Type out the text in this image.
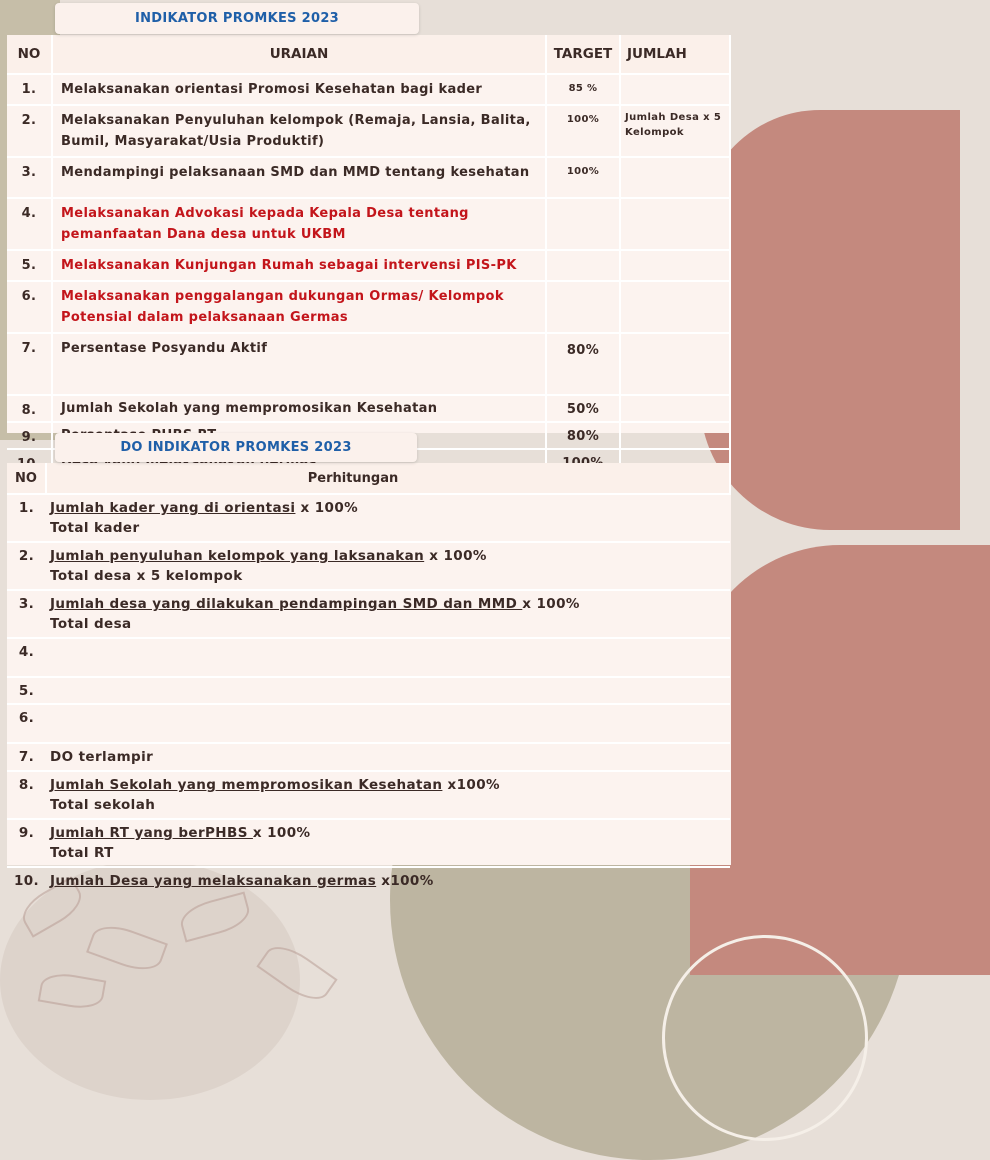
INDIKATOR PROMKES 2023
NO	URAIAN	TARGET	JUMLAH
1.	Melaksanakan orientasi Promosi Kesehatan bagi kader	85 %	
2.	Melaksanakan Penyuluhan kelompok (Remaja, Lansia, Balita, Bumil, Masyarakat/Usia Produktif)	100%	Jumlah Desa x 5 Kelompok
3.	Mendampingi pelaksanaan SMD dan MMD tentang kesehatan	100%	
4.	Melaksanakan Advokasi kepada Kepala Desa tentang pemanfaatan Dana desa untuk UKBM		
5.	Melaksanakan Kunjungan Rumah sebagai intervensi PIS-PK		
6.	Melaksanakan penggalangan dukungan Ormas/ Kelompok Potensial dalam pelaksanaan Germas		
7.	Persentase Posyandu Aktif	80%	
8.	Jumlah Sekolah yang mempromosikan Kesehatan	50%	
9.		80%	

DO INDIKATOR PROMKES 2023
NO	Perhitungan
1.	Jumlah kader yang di orientasi x 100%
Total kader
2.	Jumlah penyuluhan kelompok yang laksanakan x 100%
Total desa x 5 kelompok
3.	Jumlah desa yang dilakukan pendampingan SMD dan MMD x 100%
Total desa
4.	
5.	
6.	
7.	DO terlampir
8.	Jumlah Sekolah yang mempromosikan Kesehatan x100%
Total sekolah
9.	Jumlah RT yang berPHBS x 100%
Total RT
10.	Jumlah Desa yang melaksanakan germas x100%
